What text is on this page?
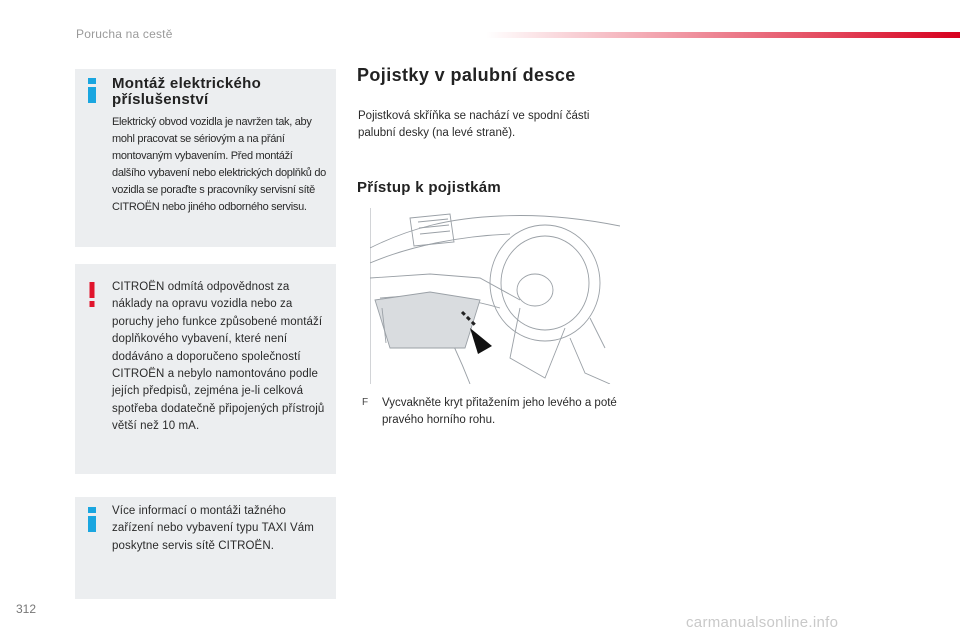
Porucha na cestě
Montáž elektrického příslušenství
Elektrický obvod vozidla je navržen tak, aby mohl pracovat se sériovým a na přání montovaným vybavením. Před montáží dalšího vybavení nebo elektrických doplňků do vozidla se poraďte s pracovníky servisní sítě CITROËN nebo jiného odborného servisu.
CITROËN odmítá odpovědnost za náklady na opravu vozidla nebo za poruchy jeho funkce způsobené montáží doplňkového vybavení, které není dodáváno a doporučeno společností CITROËN a nebylo namontováno podle jejích předpisů, zejména je-li celková spotřeba dodatečně připojených přístrojů větší než 10 mA.
Více informací o montáži tažného zařízení nebo vybavení typu TAXI Vám poskytne servis sítě CITROËN.
Pojistky v palubní desce
Pojistková skříňka se nachází ve spodní části palubní desky (na levé straně).
Přístup k pojistkám
F Vycvakněte kryt přitažením jeho levého a poté pravého horního rohu.
312
carmanualsonline.info
